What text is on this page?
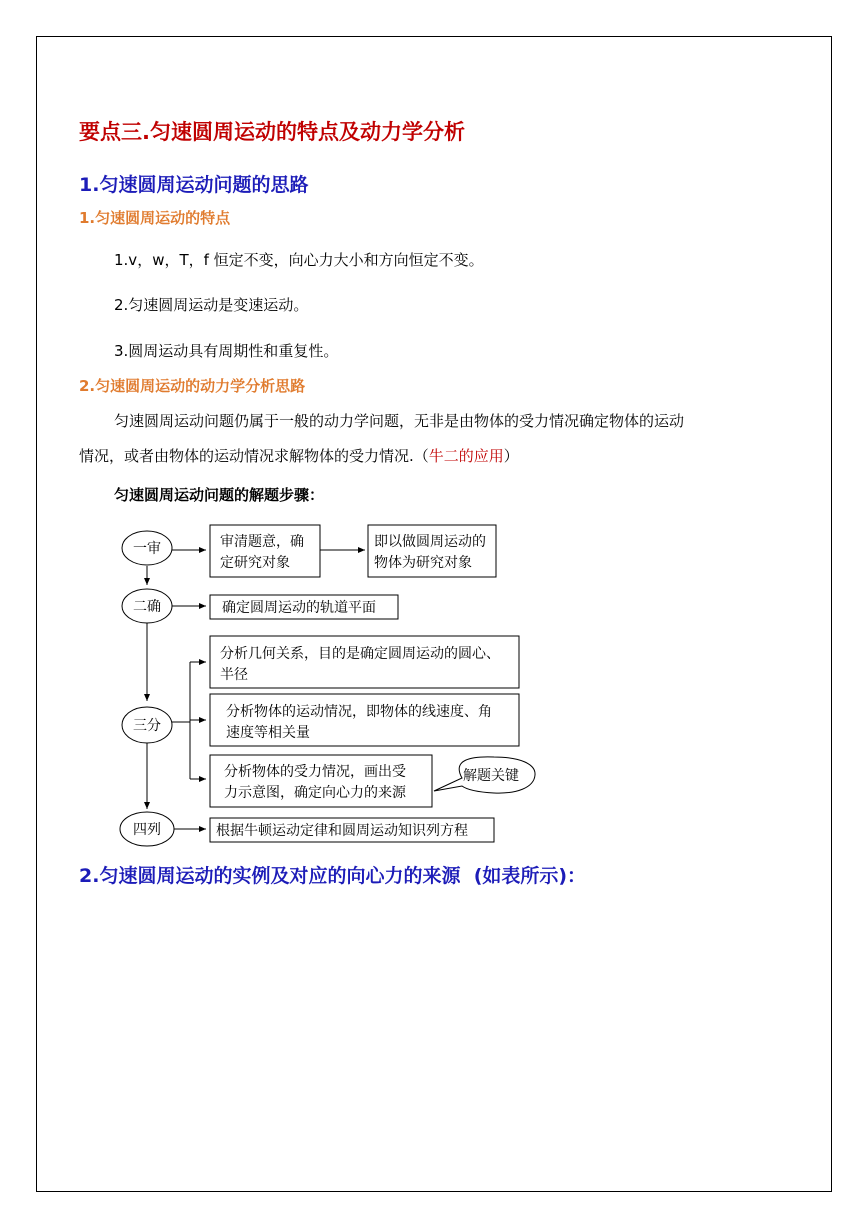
要点三.匀速圆周运动的特点及动力学分析
1.匀速圆周运动问题的思路
1.匀速圆周运动的特点
1.v，w，T，f 恒定不变，向心力大小和方向恒定不变。
2.匀速圆周运动是变速运动。
3.圆周运动具有周期性和重复性。
2.匀速圆周运动的动力学分析思路
匀速圆周运动问题仍属于一般的动力学问题，无非是由物体的受力情况确定物体的运动
情况，或者由物体的运动情况求解物体的受力情况.（牛二的应用）
匀速圆周运动问题的解题步骤：
一审
二确
三分
四列
审清题意，确
定研究对象
即以做圆周运动的
物体为研究对象
确定圆周运动的轨道平面
分析几何关系，目的是确定圆周运动的圆心、
半径
分析物体的运动情况，即物体的线速度、角
速度等相关量
分析物体的受力情况，画出受
力示意图，确定向心力的来源
根据牛顿运动定律和圆周运动知识列方程
解题关键
2.匀速圆周运动的实例及对应的向心力的来源 (如表所示)：
